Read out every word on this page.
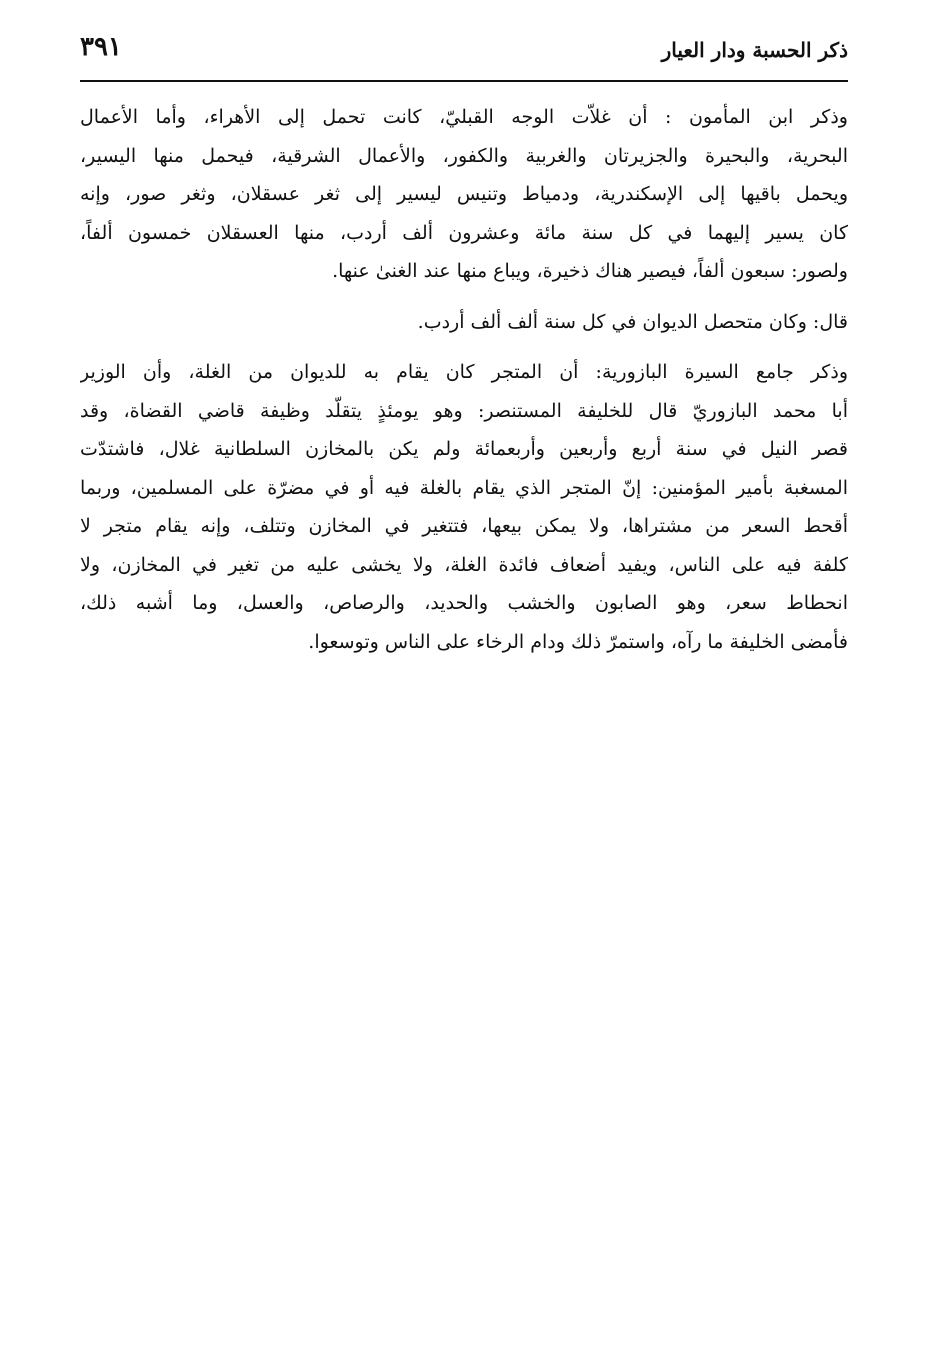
ذكر الحسبة ودار العيار
٣٩١
وذكر ابن المأمون : أن غلاّت الوجه القبليّ، كانت تحمل إلى الأهراء، وأما الأعمال
البحرية، والبحيرة والجزيرتان والغربية والكفور، والأعمال الشرقية، فيحمل منها اليسير،
ويحمل باقيها إلى الإسكندرية، ودمياط وتنيس ليسير إلى ثغر عسقلان، وثغر صور، وإنه
كان يسير إليهما في كل سنة مائة وعشرون ألف أردب، منها العسقلان خمسون ألفاً،
ولصور: سبعون ألفاً، فيصير هناك ذخيرة، ويباع منها عند الغنىٰ عنها.
قال: وكان متحصل الديوان في كل سنة ألف ألف أردب.
وذكر جامع السيرة البازورية: أن المتجر كان يقام به للديوان من الغلة، وأن الوزير
أبا محمد البازوريّ قال للخليفة المستنصر: وهو يومئذٍ يتقلّد وظيفة قاضي القضاة، وقد
قصر النيل في سنة أربع وأربعين وأربعمائة ولم يكن بالمخازن السلطانية غلال، فاشتدّت
المسغبة بأمير المؤمنين: إنّ المتجر الذي يقام بالغلة فيه أو في مضرّة على المسلمين، وربما
أقحط السعر من مشتراها، ولا يمكن بيعها، فتتغير في المخازن وتتلف، وإنه يقام متجر لا
كلفة فيه على الناس، ويفيد أضعاف فائدة الغلة، ولا يخشى عليه من تغير في المخازن، ولا
انحطاط سعر، وهو الصابون والخشب والحديد، والرصاص، والعسل، وما أشبه ذلك،
فأمضى الخليفة ما رآه، واستمرّ ذلك ودام الرخاء على الناس وتوسعوا.
